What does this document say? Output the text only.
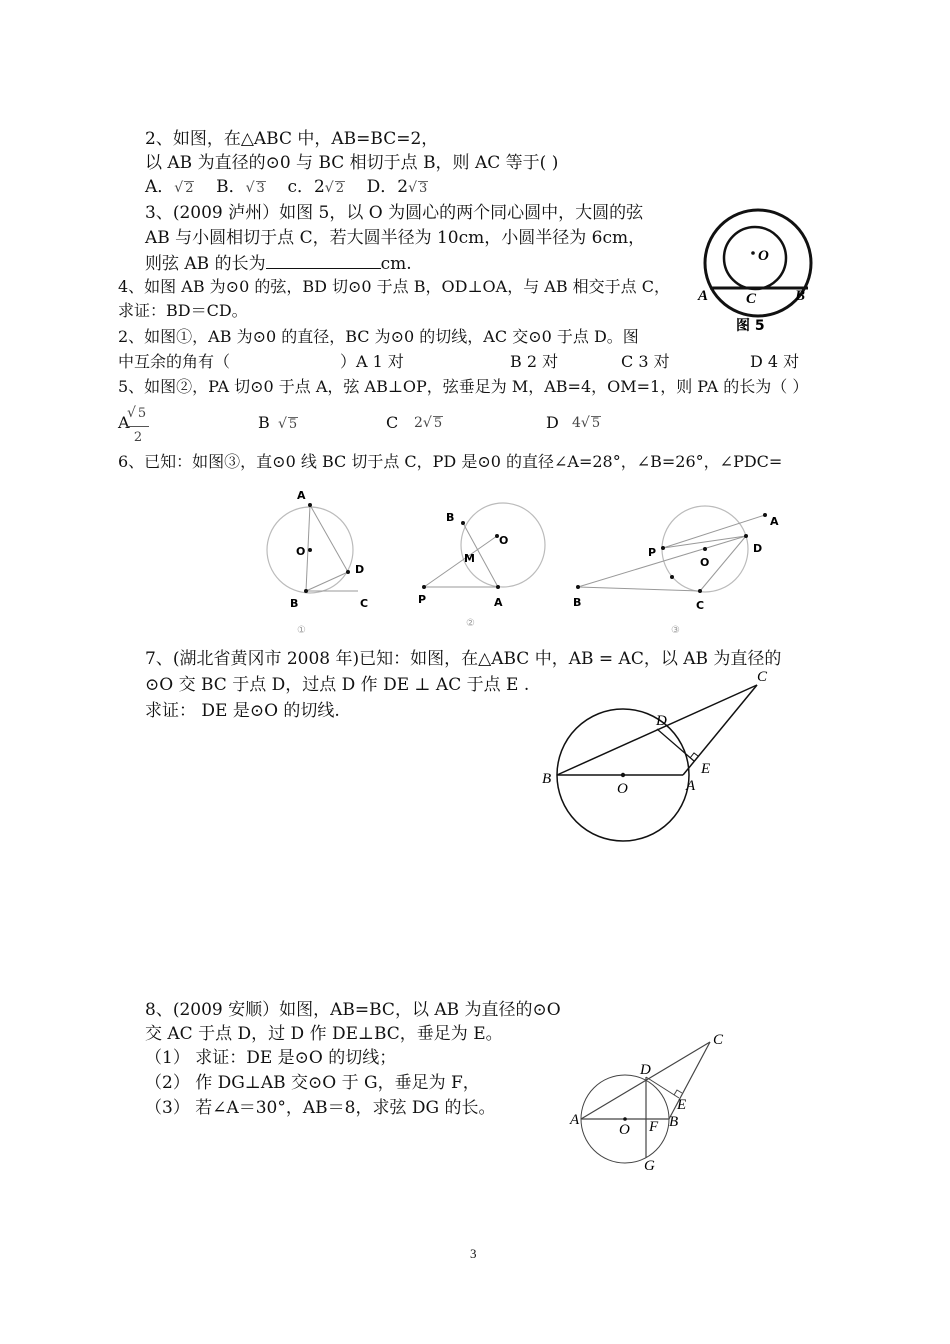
2、如图，在△ABC 中，AB=BC=2，
以 AB 为直径的⊙0 与 BC 相切于点 B，则 AC 等于( )
A．√ 2 B．√ 3 c．2√ 2 D．2√ 3
3、(2009 泸州）如图 5，以 O 为圆心的两个同心圆中，大圆的弦
AB 与小圆相切于点 C，若大圆半径为 10cm，小圆半径为 6cm，
则弦 AB 的长为	cm.	O
A	C	B
图 5
4、如图 AB 为⊙0 的弦，BD 切⊙0 于点 B，OD⊥OA，与 AB 相交于点 C，
求证：BD＝CD。
2、如图①，AB 为⊙0 的直径，BC 为⊙0 的切线，AC 交⊙0 于点 D。图
中互余的角有（	）A 1 对	B 2 对	C 3 对	D 4 对
5、如图②，PA 切⊙0 于点 A，弦 AB⊥OP，弦垂足为 M，AB=4，OM=1，则 PA 的长为（ ）
A
√ 5
2
B √ 5	C 2√ 5	D 4√ 5
6、已知：如图③，直⊙0 线 BC 切于点 C，PD 是⊙0 的直径∠A=28°，∠B=26°，∠PDC=
A
O
D
B	C
①
B
O
M
P	A
②
A
P	D
O
B	C
③
7、(湖北省黄冈市 2008 年)已知：如图，在△ABC 中，AB = AC，以 AB 为直径的
⊙O 交 BC 于点 D，过点 D 作 DE ⊥ AC 于点 E .
求证： DE 是⊙O 的切线.
C
D
E
B
O	A
8、(2009 安顺）如图，AB=BC，以 AB 为直径的⊙O
交 AC 于点 D，过 D 作 DE⊥BC，垂足为 E。
（1） 求证：DE 是⊙O 的切线；
（2） 作 DG⊥AB 交⊙O 于 G，垂足为 F，
（3） 若∠A＝30°，AB＝8，求弦 DG 的长。
C
D
E
A
O F B
G
3
